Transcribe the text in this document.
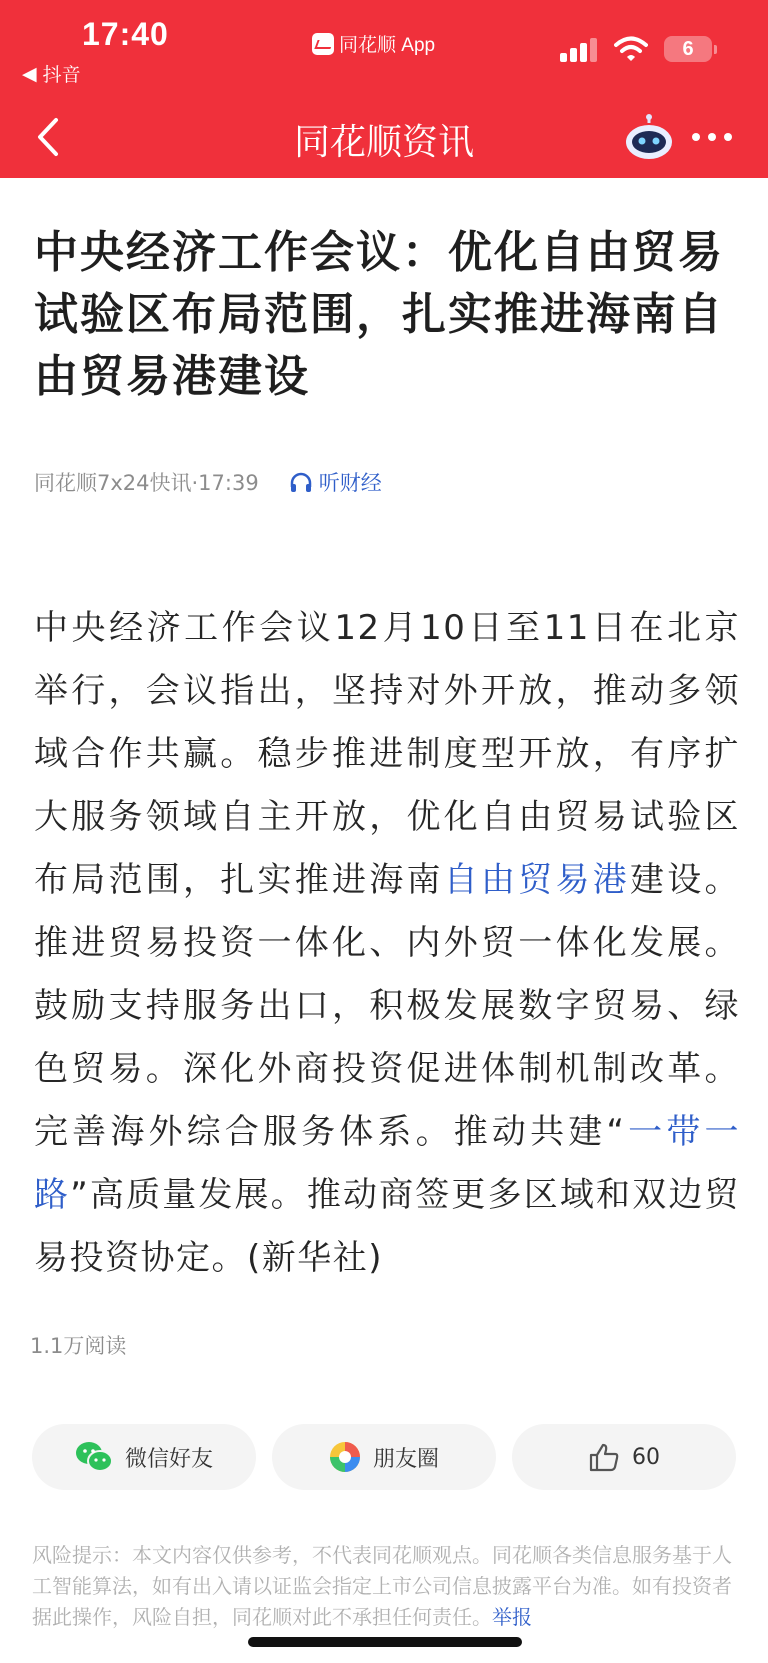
17:40
◀ 抖音
同花顺 App	6
同花顺资讯
中央经济工作会议：优化自由贸易试验区布局范围，扎实推进海南自由贸易港建设
同花顺7x24快讯·17:39	听财经
中央经济工作会议12月10日至11日在北京举行，会议指出，坚持对外开放，推动多领域合作共赢。稳步推进制度型开放，有序扩大服务领域自主开放，优化自由贸易试验区布局范围，扎实推进海南自由贸易港建设。推进贸易投资一体化、内外贸一体化发展。鼓励支持服务出口，积极发展数字贸易、绿色贸易。深化外商投资促进体制机制改革。完善海外综合服务体系。推动共建“一带一路”高质量发展。推动商签更多区域和双边贸易投资协定。(新华社)
1.1万阅读
微信好友	朋友圈	60
风险提示：本文内容仅供参考，不代表同花顺观点。同花顺各类信息服务基于人工智能算法，如有出入请以证监会指定上市公司信息披露平台为准。如有投资者据此操作，风险自担，同花顺对此不承担任何责任。举报
